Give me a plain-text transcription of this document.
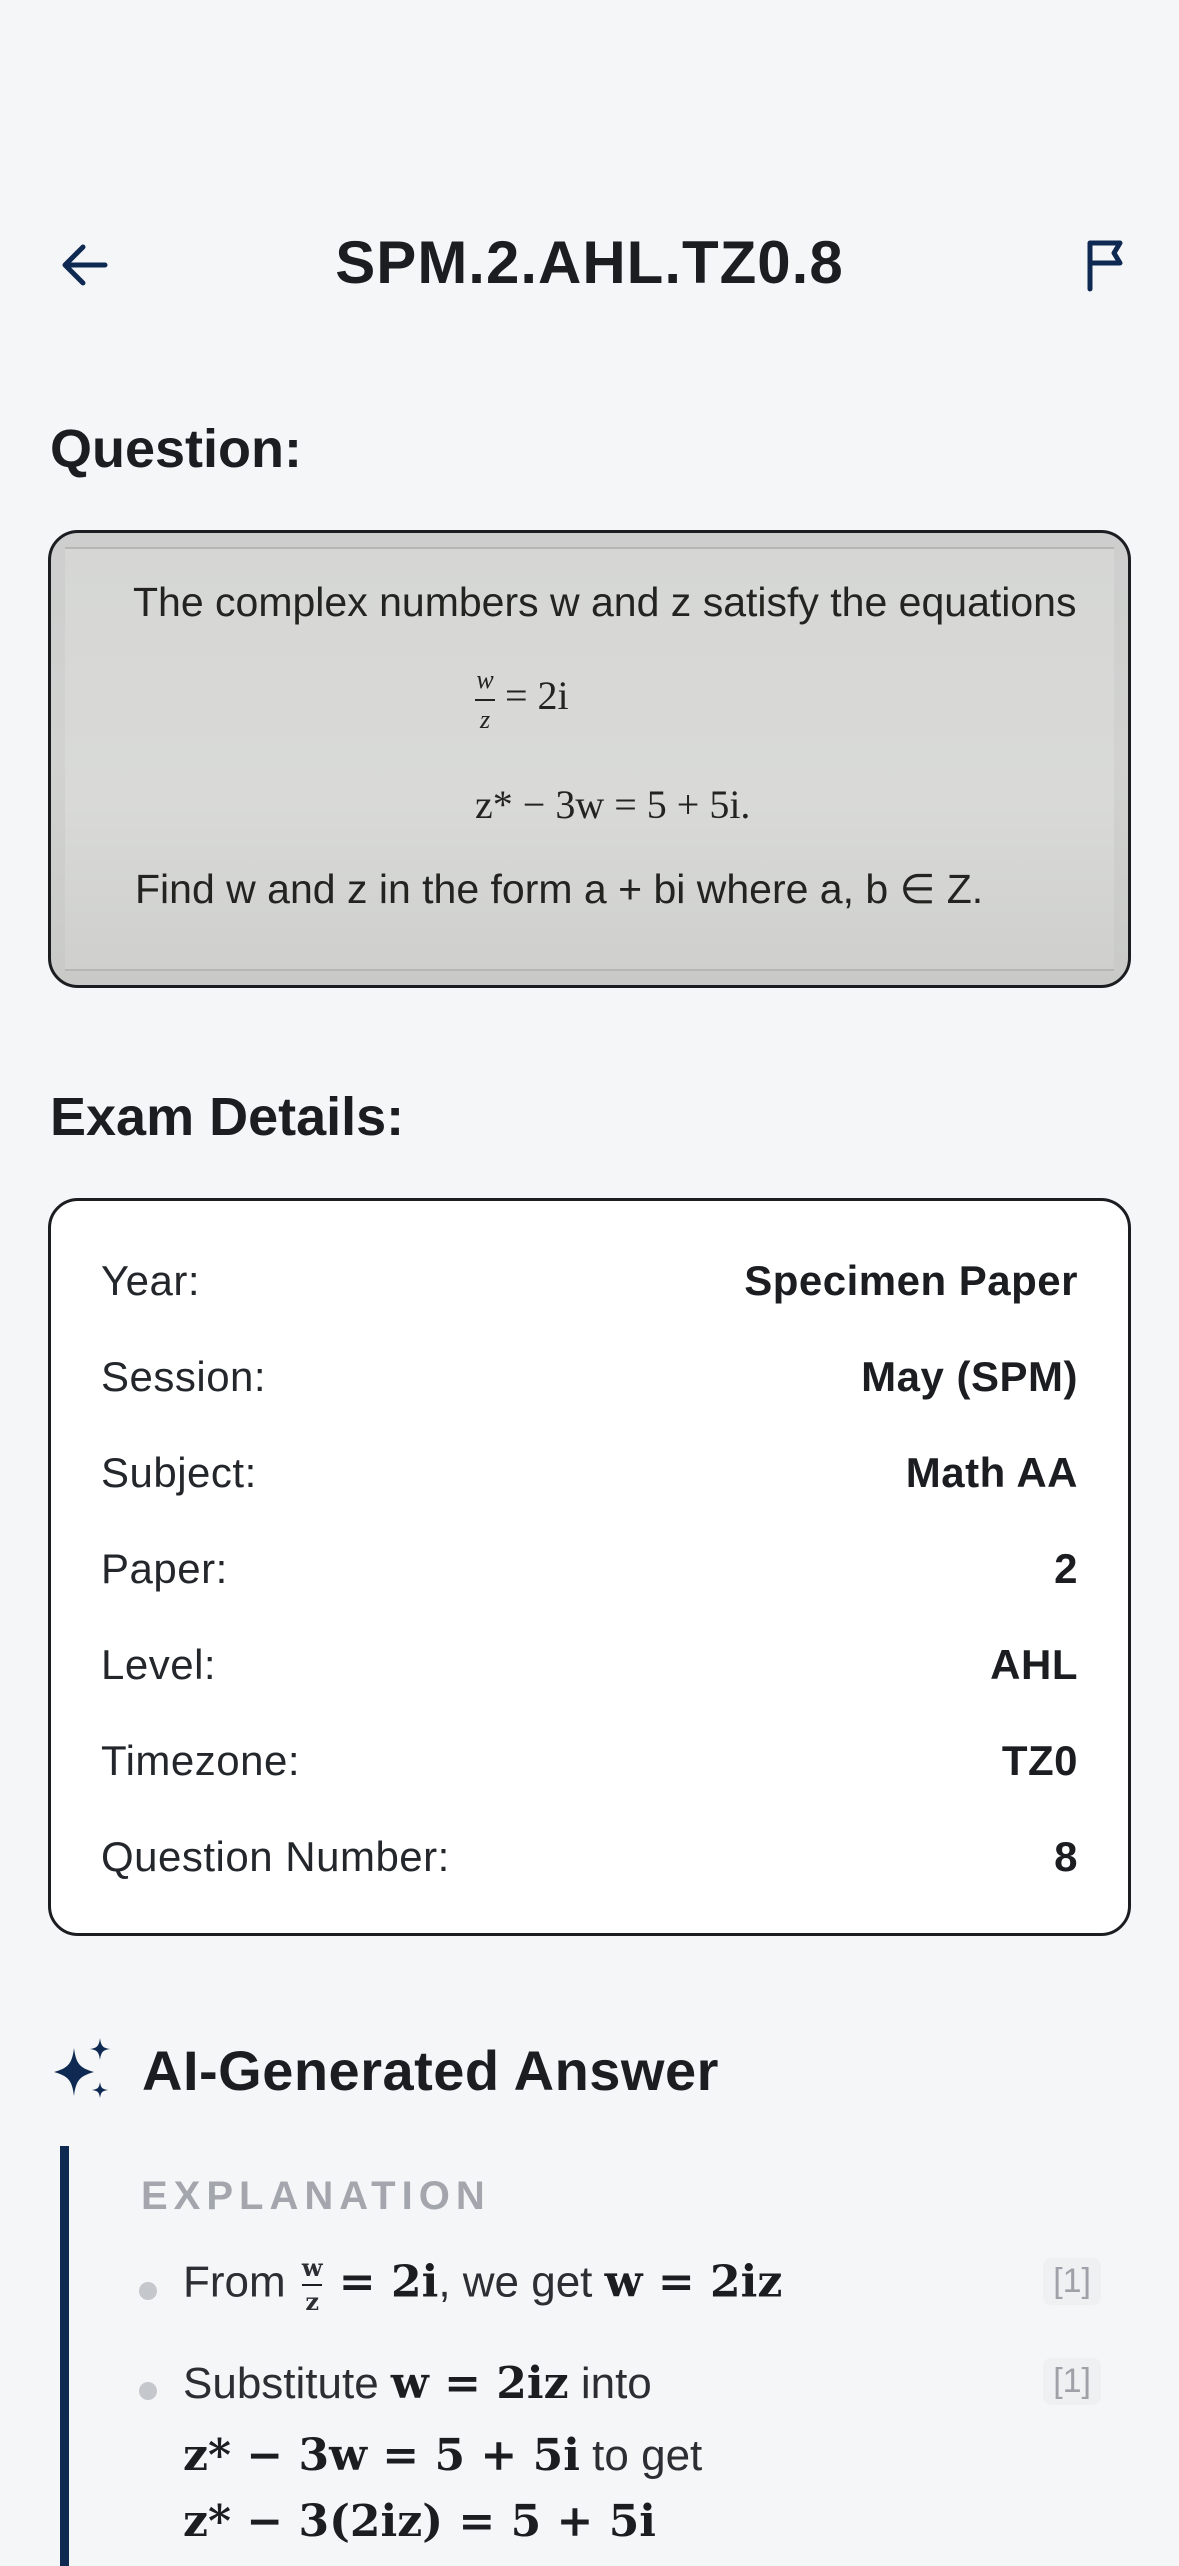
SPM.2.AHL.TZ0.8
Question:
The complex numbers w and z satisfy the equations
$\frac{w}{z} = 2i$
z* − 3w = 5 + 5i.
Find w and z in the form a + bi where a, b ∈ Z.
Exam Details:
Year:	Specimen Paper
Session:	May (SPM)
Subject:	Math AA
Paper:	2
Level:	AHL
Timezone:	TZ0
Question Number:	8
AI-Generated Answer
EXPLANATION
From $\frac{w}{z} = 2i$, we get w = 2iz	[1]
Substitute w = 2iz into
z* − 3w = 5 + 5i to get
z* − 3(2iz) = 5 + 5i
[1]
